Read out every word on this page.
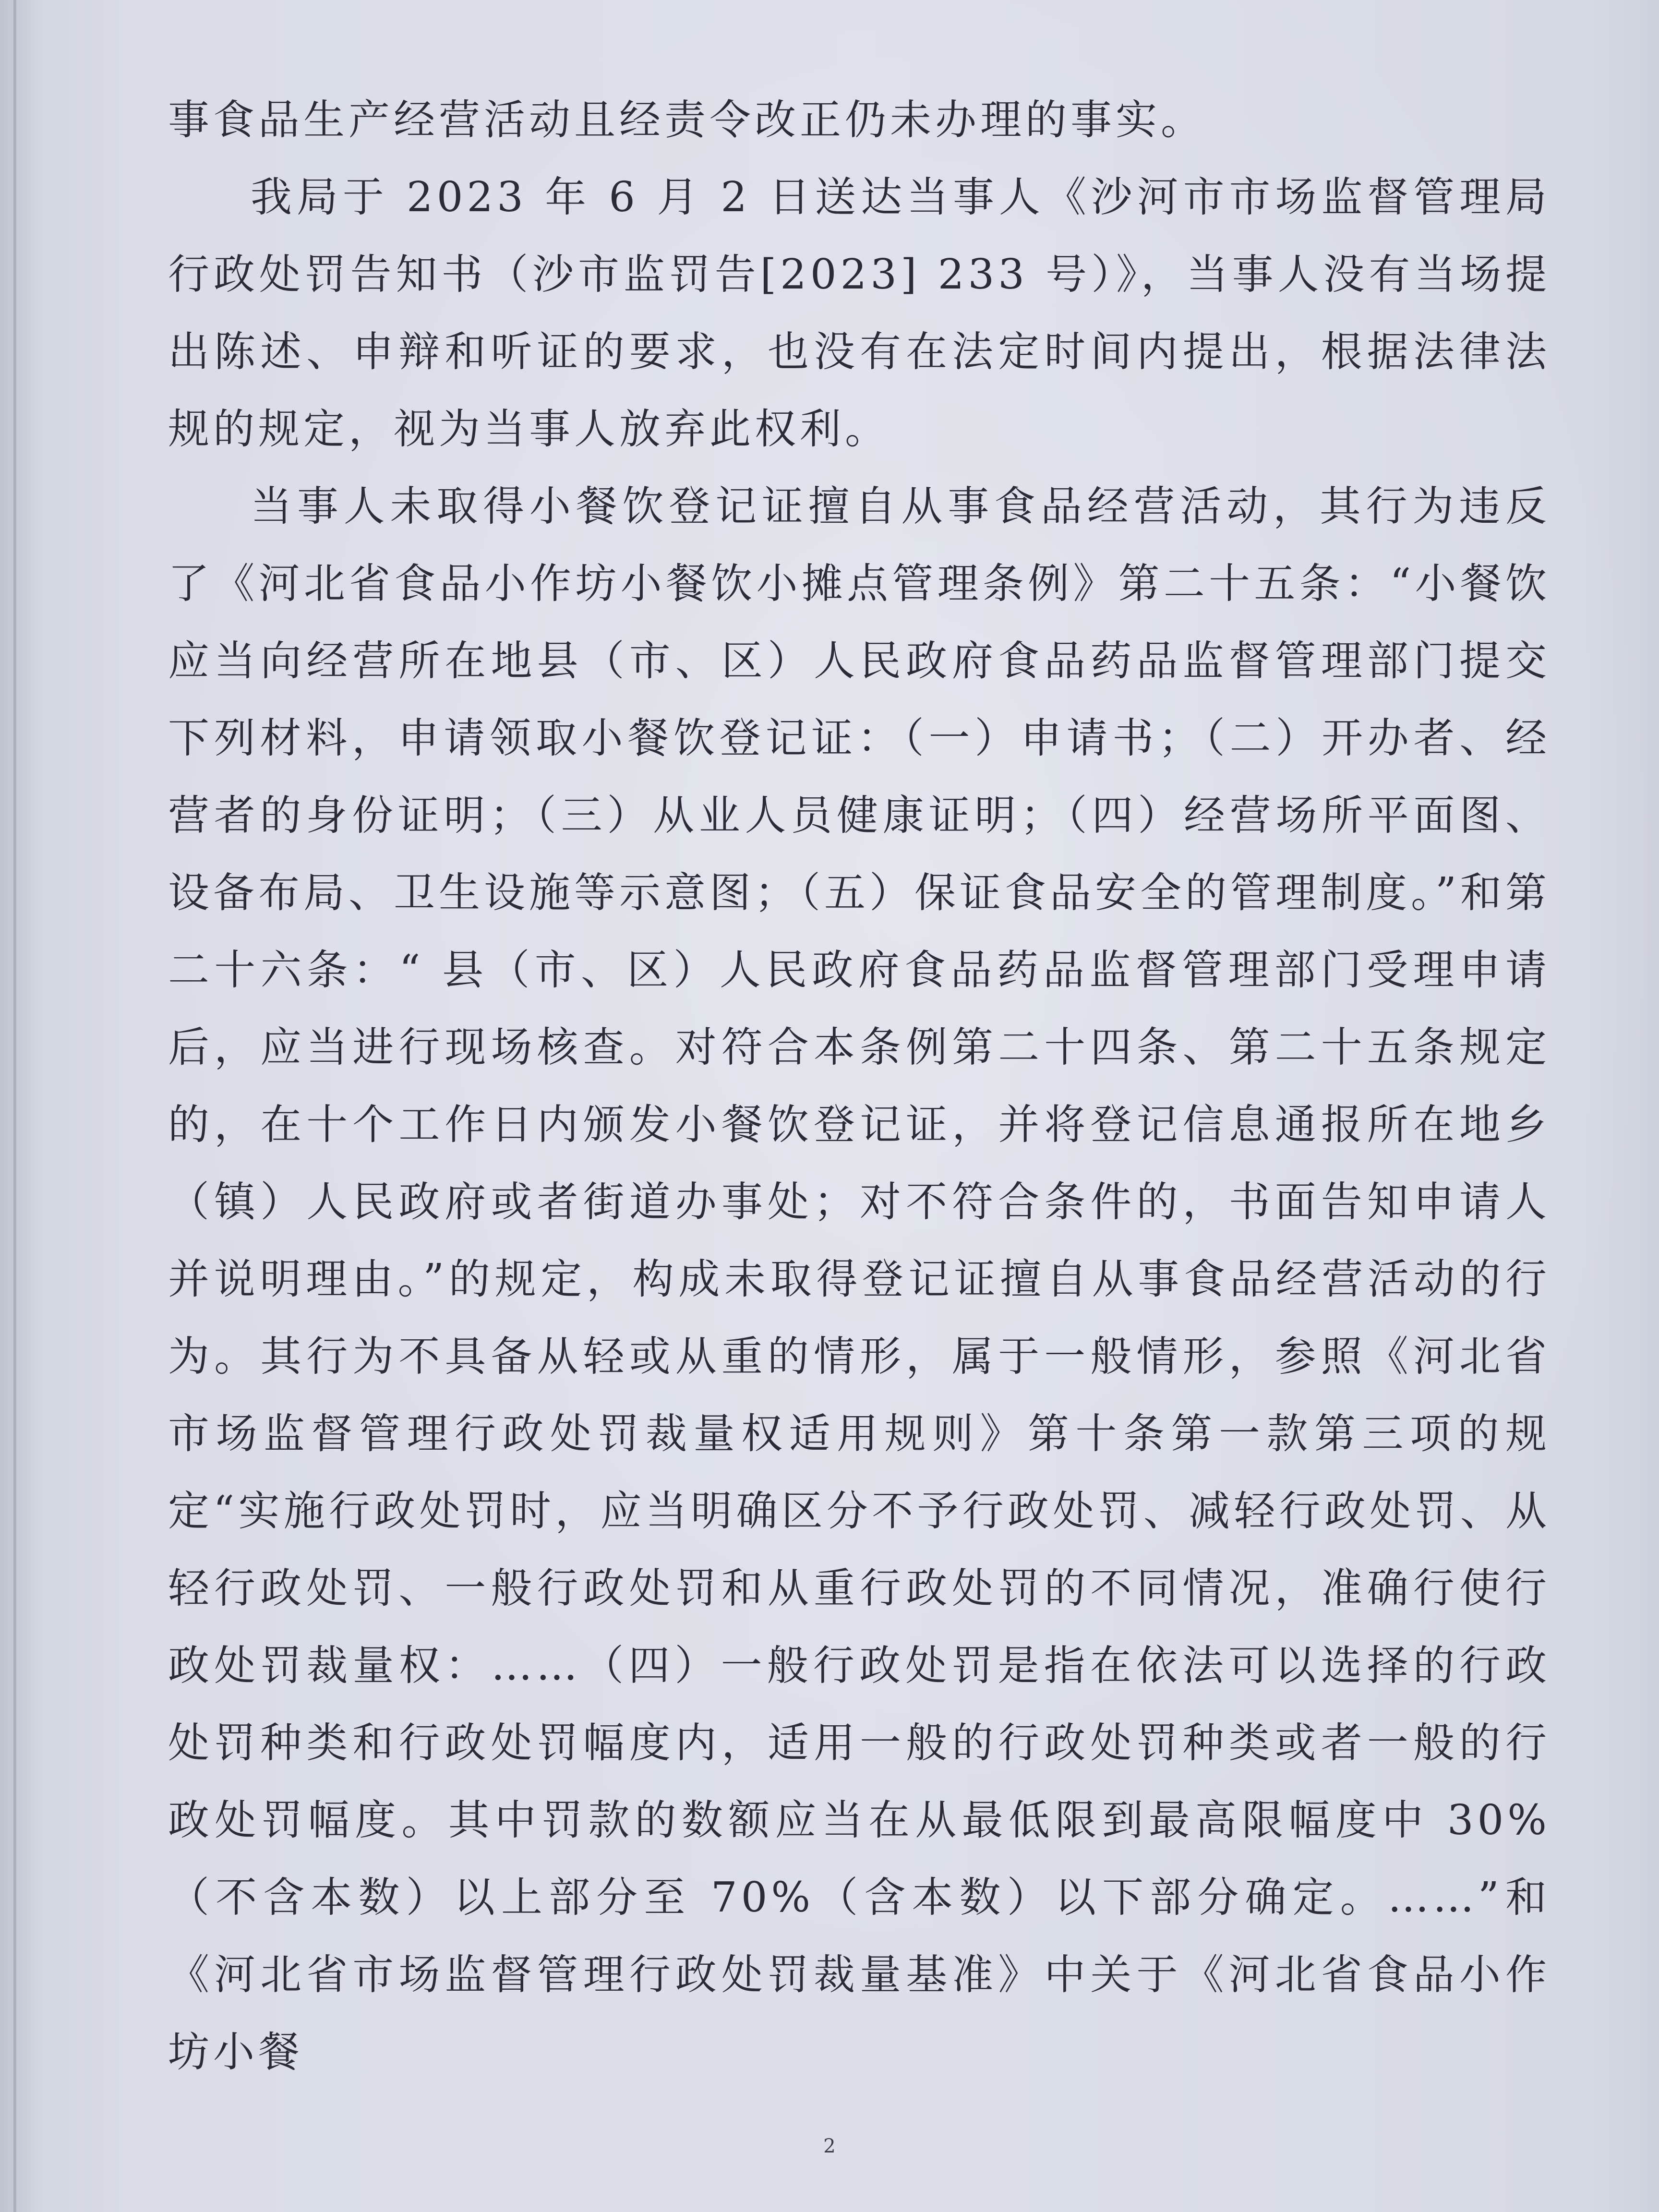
事食品生产经营活动且经责令改正仍未办理的事实。

我局于 2023 年 6 月 2 日送达当事人《沙河市市场监督管理局行政处罚告知书（沙市监罚告[2023] 233 号）》，当事人没有当场提出陈述、申辩和听证的要求，也没有在法定时间内提出，根据法律法规的规定，视为当事人放弃此权利。

当事人未取得小餐饮登记证擅自从事食品经营活动，其行为违反了《河北省食品小作坊小餐饮小摊点管理条例》第二十五条：“小餐饮应当向经营所在地县（市、区）人民政府食品药品监督管理部门提交下列材料，申请领取小餐饮登记证：（一）申请书；（二）开办者、经营者的身份证明；（三）从业人员健康证明；（四）经营场所平面图、设备布局、卫生设施等示意图；（五）保证食品安全的管理制度。”和第二十六条：“ 县（市、区）人民政府食品药品监督管理部门受理申请后，应当进行现场核查。对符合本条例第二十四条、第二十五条规定的，在十个工作日内颁发小餐饮登记证，并将登记信息通报所在地乡（镇）人民政府或者街道办事处；对不符合条件的，书面告知申请人并说明理由。”的规定，构成未取得登记证擅自从事食品经营活动的行为。其行为不具备从轻或从重的情形，属于一般情形，参照《河北省市场监督管理行政处罚裁量权适用规则》第十条第一款第三项的规定“实施行政处罚时，应当明确区分不予行政处罚、减轻行政处罚、从轻行政处罚、一般行政处罚和从重行政处罚的不同情况，准确行使行政处罚裁量权：……（四）一般行政处罚是指在依法可以选择的行政处罚种类和行政处罚幅度内，适用一般的行政处罚种类或者一般的行政处罚幅度。其中罚款的数额应当在从最低限到最高限幅度中 30%（不含本数）以上部分至 70%（含本数）以下部分确定。……”和《河北省市场监督管理行政处罚裁量基准》中关于《河北省食品小作坊小餐

2
